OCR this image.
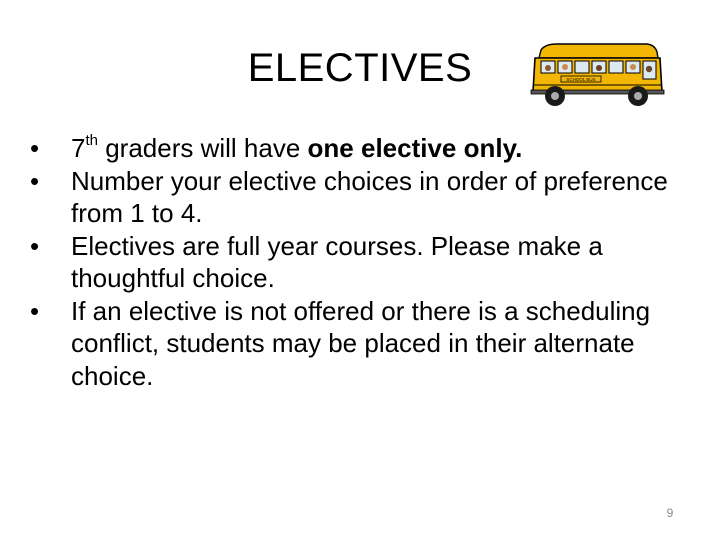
ELECTIVES	SCHOOL BUS
• 7th graders will have one elective only.
• Number your elective choices in order of preference from 1 to 4.
• Electives are full year courses. Please make a thoughtful choice.
• If an elective is not offered or there is a scheduling conflict, students may be placed in their alternate choice.
9
